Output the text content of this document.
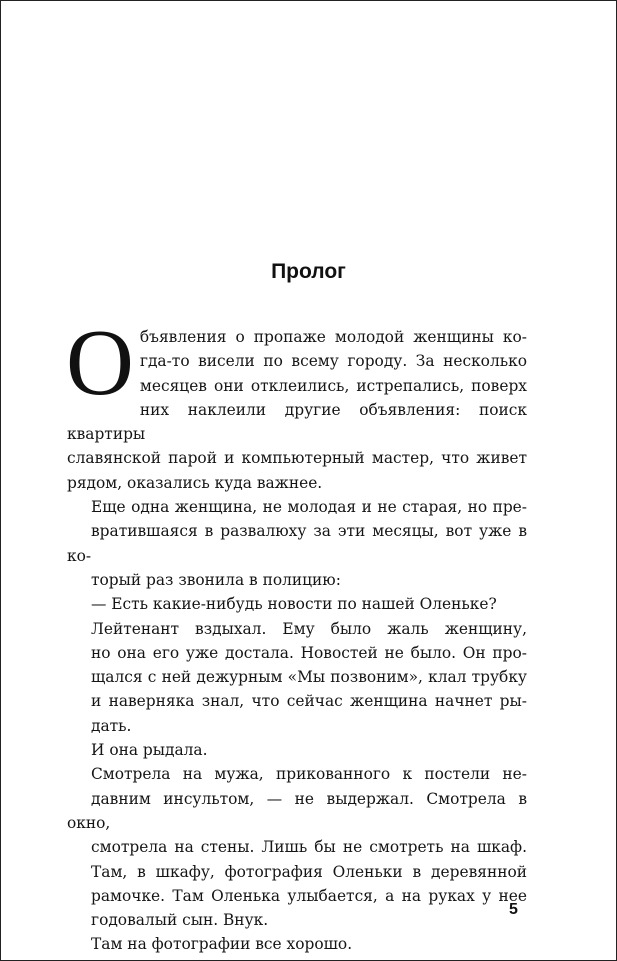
Пролог

О бъявления о пропаже молодой женщины ко-
гда-то висели по всему городу. За несколько
месяцев они отклеились, истрепались, поверх
них наклеили другие объявления: поиск квартиры
славянской парой и компьютерный мастер, что живет
рядом, оказались куда важнее.

Еще одна женщина, не молодая и не старая, но пре-
вратившаяся в развалюху за эти месяцы, вот уже в ко-
торый раз звонила в полицию:

— Есть какие-нибудь новости по нашей Оленьке?

Лейтенант вздыхал. Ему было жаль женщину,
но она его уже достала. Новостей не было. Он про-
щался с ней дежурным «Мы позвоним», клал трубку
и наверняка знал, что сейчас женщина начнет ры-
дать.

И она рыдала.

Смотрела на мужа, прикованного к постели не-
давним инсультом, — не выдержал. Смотрела в окно,
смотрела на стены. Лишь бы не смотреть на шкаф.
Там, в шкафу, фотография Оленьки в деревянной
рамочке. Там Оленька улыбается, а на руках у нее
годовалый сын. Внук.

Там на фотографии все хорошо.

5
